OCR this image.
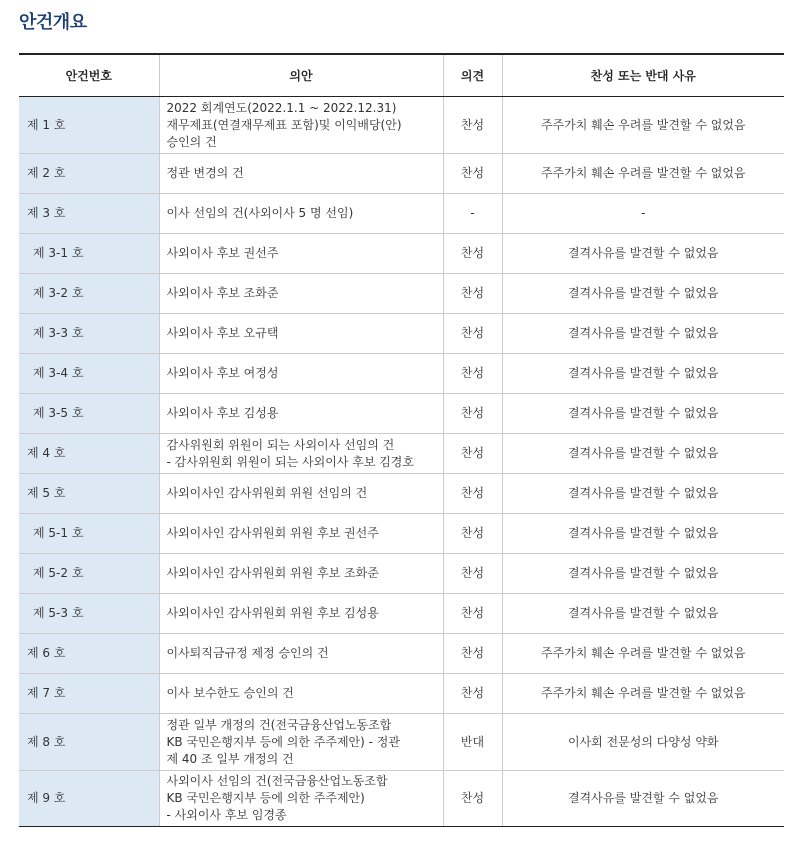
안건개요
안건번호	의안	의견	찬성 또는 반대 사유
제 1 호	2022 회계연도(2022.1.1 ~ 2022.12.31)
재무제표(연결재무제표 포함)및 이익배당(안)
승인의 건	찬성	주주가치 훼손 우려를 발견할 수 없었음
제 2 호	정관 변경의 건	찬성	주주가치 훼손 우려를 발견할 수 없었음
제 3 호	이사 선임의 건(사외이사 5 명 선임)	-	-
제 3-1 호	사외이사 후보 권선주	찬성	결격사유를 발견할 수 없었음
제 3-2 호	사외이사 후보 조화준	찬성	결격사유를 발견할 수 없었음
제 3-3 호	사외이사 후보 오규택	찬성	결격사유를 발견할 수 없었음
제 3-4 호	사외이사 후보 여정성	찬성	결격사유를 발견할 수 없었음
제 3-5 호	사외이사 후보 김성용	찬성	결격사유를 발견할 수 없었음
제 4 호	감사위원회 위원이 되는 사외이사 선임의 건
- 감사위원회 위원이 되는 사외이사 후보 김경호	찬성	결격사유를 발견할 수 없었음
제 5 호	사외이사인 감사위원회 위원 선임의 건	찬성	결격사유를 발견할 수 없었음
제 5-1 호	사외이사인 감사위원회 위원 후보 권선주	찬성	결격사유를 발견할 수 없었음
제 5-2 호	사외이사인 감사위원회 위원 후보 조화준	찬성	결격사유를 발견할 수 없었음
제 5-3 호	사외이사인 감사위원회 위원 후보 김성용	찬성	결격사유를 발견할 수 없었음
제 6 호	이사퇴직금규정 제정 승인의 건	찬성	주주가치 훼손 우려를 발견할 수 없었음
제 7 호	이사 보수한도 승인의 건	찬성	주주가치 훼손 우려를 발견할 수 없었음
제 8 호	정관 일부 개정의 건(전국금융산업노동조합
KB 국민은행지부 등에 의한 주주제안) - 정관
제 40 조 일부 개정의 건	반대	이사회 전문성의 다양성 약화
제 9 호	사외이사 선임의 건(전국금융산업노동조합
KB 국민은행지부 등에 의한 주주제안)
- 사외이사 후보 임경종	찬성	결격사유를 발견할 수 없었음
